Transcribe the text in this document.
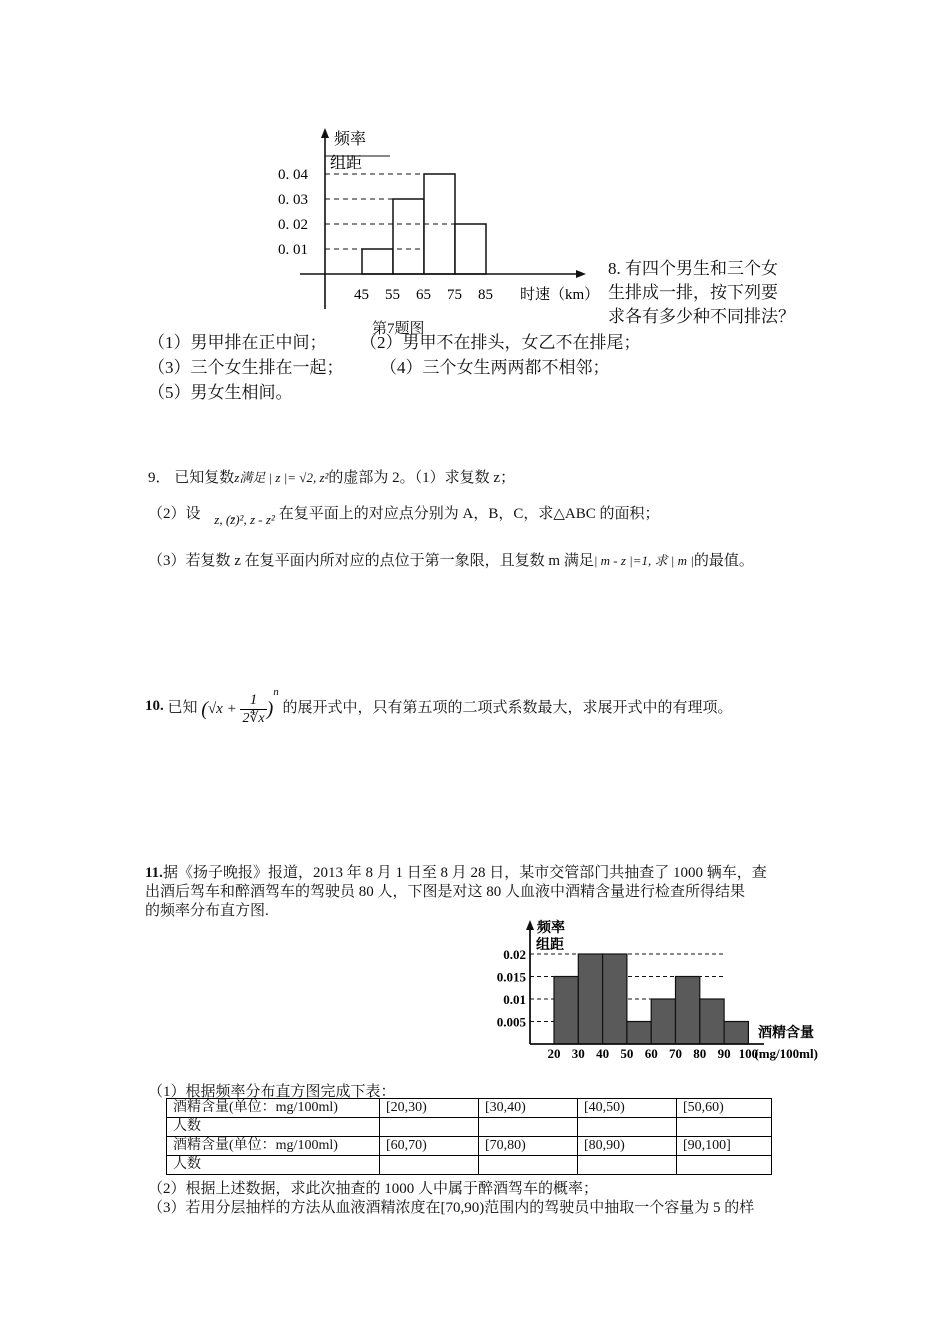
频率
组距
时速（km）
0. 01
0. 02
0. 03
0. 04
45 55 65 75 85
第7题图
8. 有四个男生和三个女
生排成一排，按下列要
求各有多少种不同排法？
（1）男甲排在正中间； （2）男甲不在排头，女乙不在排尾；
（3）三个女生排在一起； （4）三个女生两两都不相邻；
（5）男女生相间。
9． 已知复数z满足 | z |= √2, z²的虚部为 2。（1）求复数 z；
（2）设 z, (z̄)², z - z² 在复平面上的对应点分别为 A，B，C，求△ABC 的面积；
（3）若复数 z 在复平面内所对应的点位于第一象限，且复数 m 满足| m - z |=1, 求 | m |的最值。
10. 已知 $(√x + \frac{1}{2∜x} )^n$ 的展开式中，只有第五项的二项式系数最大，求展开式中的有理项。
11.据《扬子晚报》报道，2013 年 8 月 1 日至 8 月 28 日，某市交管部门共抽查了 1000 辆车，查
出酒后驾车和醉酒驾车的驾驶员 80 人，下图是对这 80 人血液中酒精含量进行检查所得结果
的频率分布直方图.
频率
组距
0.005
0.01
0.015
0.02
20 30 40 50 60 70 80 90 100
(mg/100ml)
酒精含量
（1）根据频率分布直方图完成下表：
酒精含量(单位：mg/100ml)	[20,30)	[30,40)	[40,50)	[50,60)
人数				
酒精含量(单位：mg/100ml)	[60,70)	[70,80)	[80,90)	[90,100]
人数				
（2）根据上述数据，求此次抽查的 1000 人中属于醉酒驾车的概率；
（3）若用分层抽样的方法从血液酒精浓度在[70,90)范围内的驾驶员中抽取一个容量为 5 的样
